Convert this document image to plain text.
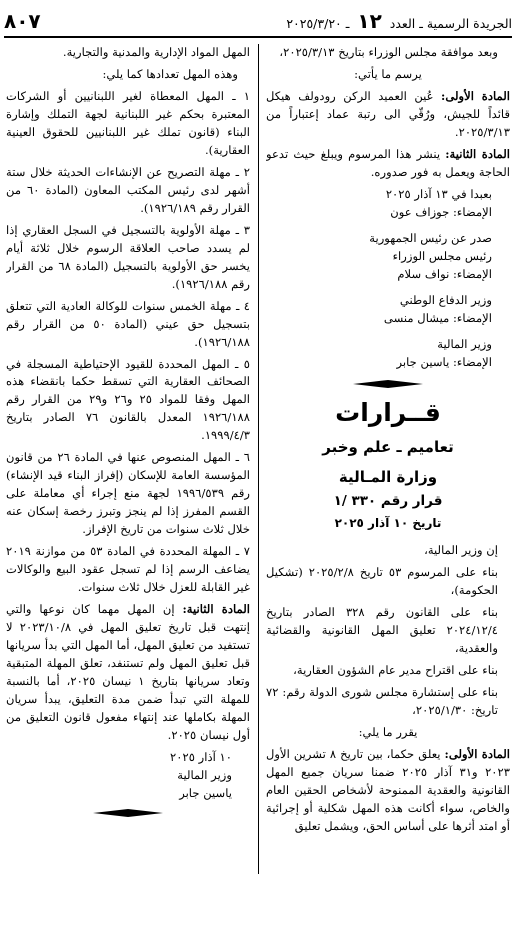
الجريدة الرسمية ـ العدد ١٢ ـ ٢٠٢٥/٣/٢٠
٨٠٧

وبعد موافقة مجلس الوزراء بتاريخ ٢٠٢٥/٣/١٣،

يرسم ما يأتي:

المادة الأولى: عُين العميد الركن رودولف هيكل قائداً للجيش، ورُقّي الى رتبة عماد إعتباراً من ٢٠٢٥/٣/١٣.

المادة الثانية: ينشر هذا المرسوم ويبلغ حيث تدعو الحاجة ويعمل به فور صدوره.

بعبدا في ١٣ آذار ٢٠٢٥

الإمضاء: جوزاف عون

صدر عن رئيس الجمهورية

رئيس مجلس الوزراء

الإمضاء: نواف سلام

وزير الدفاع الوطني

الإمضاء: ميشال منسى

وزير المالية

الإمضاء: ياسين جابر

قــرارات
تعاميم ـ علم وخبر
وزارة المـالية
قرار رقم ٣٣٠ /١
تاريخ ١٠ آذار ٢٠٢٥

إن وزير المالية،

بناء على المرسوم ٥٣ تاريخ ٢٠٢٥/٢/٨ (تشكيل الحكومة)،

بناء على القانون رقم ٣٢٨ الصادر بتاريخ ٢٠٢٤/١٢/٤ تعليق المهل القانونية والقضائية والعقدية،

بناء على اقتراح مدير عام الشؤون العقارية،

بناء على إستشارة مجلس شورى الدولة رقم: ٧٢ تاريخ: ٢٠٢٥/١/٣٠،

يقرر ما يلي:

المادة الأولى: يعلق حكما، بين تاريخ ٨ تشرين الأول ٢٠٢٣ و٣١ آذار ٢٠٢٥ ضمنا سريان جميع المهل القانونية والعقدية الممنوحة لأشخاص الحقين العام والخاص، سواء أكانت هذه المهل شكلية أو إجرائية أو امتد أثرها على أساس الحق، ويشمل تعليق

المهل المواد الإدارية والمدنية والتجارية.

وهذه المهل تعدادها كما يلي:

١ ـ المهل المعطاة لغير اللبنانيين أو الشركات المعتبرة بحكم غير اللبنانية لجهة التملك وإشارة البناء (قانون تملك غير اللبنانيين للحقوق العينية العقارية).

٢ ـ مهلة التصريح عن الإنشاءات الحديثة خلال ستة أشهر لدى رئيس المكتب المعاون (المادة ٦٠ من القرار رقم ١٩٢٦/١٨٩).

٣ ـ مهلة الأولوية بالتسجيل في السجل العقاري إذا لم يسدد صاحب العلاقة الرسوم خلال ثلاثة أيام يخسر حق الأولوية بالتسجيل (المادة ٦٨ من القرار رقم ١٩٢٦/١٨٨).

٤ ـ مهلة الخمس سنوات للوكالة العادية التي تتعلق بتسجيل حق عيني (المادة ٥٠ من القرار رقم ١٩٢٦/١٨٨).

٥ ـ المهل المحددة للقيود الإحتياطية المسجلة في الصحائف العقارية التي تسقط حكما بانقضاء هذه المهل وفقا للمواد ٢٥ و٢٦ و٢٩ من القرار رقم ١٩٢٦/١٨٨ المعدل بالقانون ٧٦ الصادر بتاريخ ١٩٩٩/٤/٣.

٦ ـ المهل المنصوص عنها في المادة ٢٦ من قانون المؤسسة العامة للإسكان (إفراز البناء قيد الإنشاء) رقم ١٩٩٦/٥٣٩ لجهة منع إجراء أي معاملة على القسم المفرز إذا لم ينجز وتبرز رخصة إسكان عنه خلال ثلاث سنوات من تاريخ الإفراز.

٧ ـ المهلة المحددة في المادة ٥٣ من موازنة ٢٠١٩ يضاعف الرسم إذا لم تسجل عقود البيع والوكالات غير القابلة للعزل خلال ثلاث سنوات.

المادة الثانية: إن المهل مهما كان نوعها والتي إنتهت قبل تاريخ تعليق المهل في ٢٠٢٣/١٠/٨ لا تستفيد من تعليق المهل، أما المهل التي بدأ سريانها قبل تعليق المهل ولم تستنفد، تعلق المهلة المتبقية وتعاد سريانها بتاريخ ١ نيسان ٢٠٢٥، أما بالنسبة للمهلة التي تبدأ ضمن مدة التعليق، يبدأ سريان المهلة بكاملها عند إنتهاء مفعول قانون التعليق من أول نيسان ٢٠٢٥.

١٠ آذار ٢٠٢٥

وزير المالية

ياسين جابر
